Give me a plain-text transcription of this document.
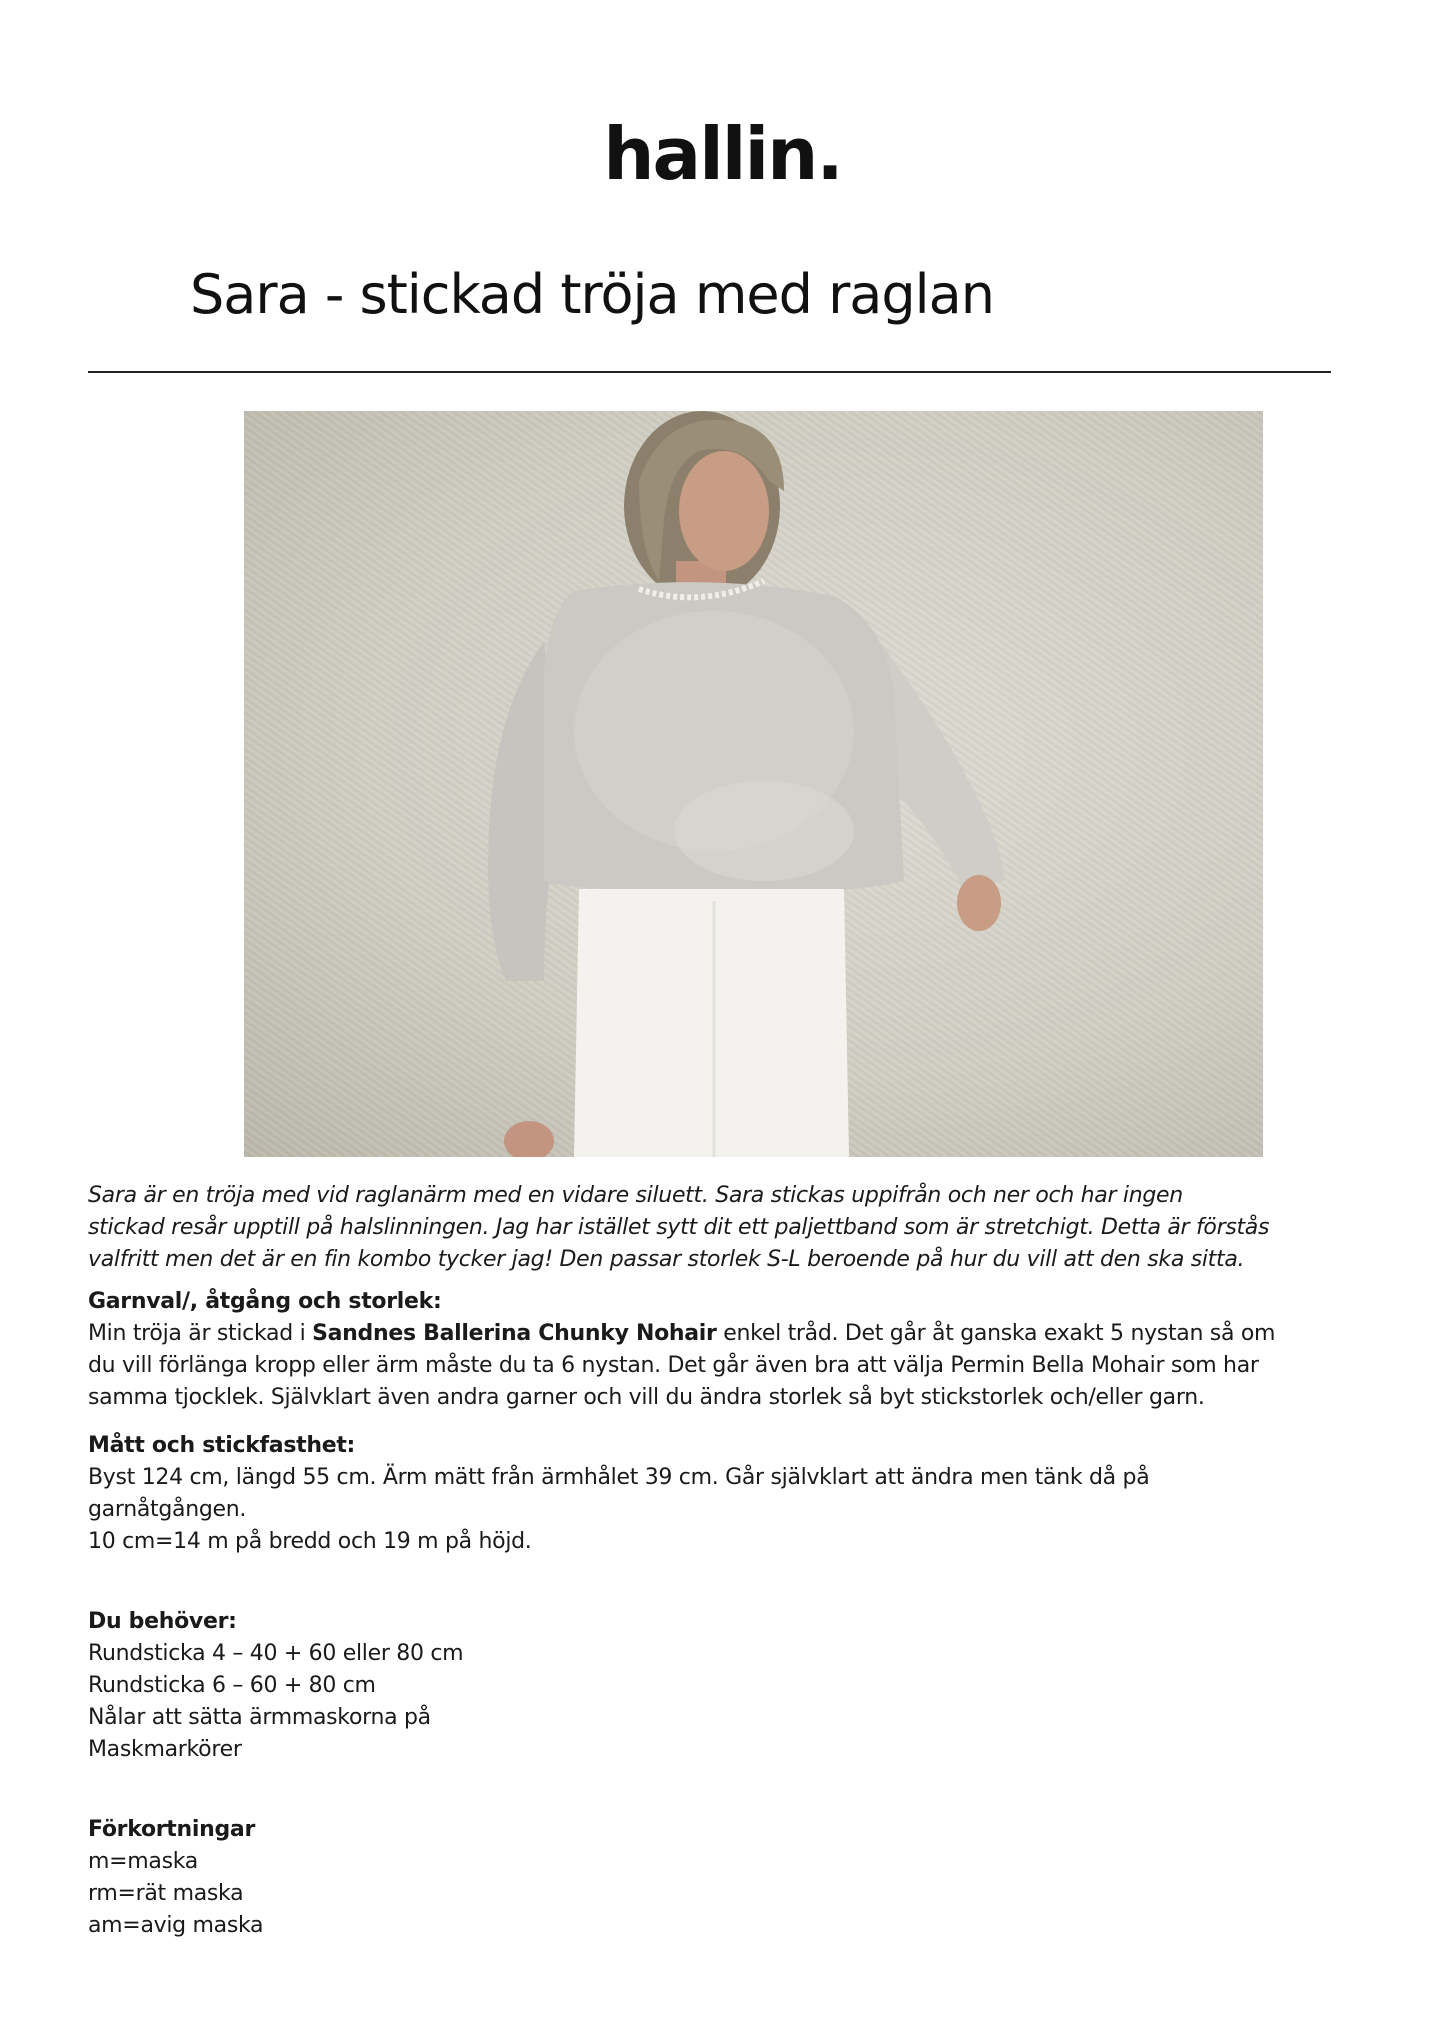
hallin.
Sara - stickad tröja med raglan

Sara är en tröja med vid raglanärm med en vidare siluett. Sara stickas uppifrån och ner och har ingen
stickad resår upptill på halslinningen. Jag har istället sytt dit ett paljettband som är stretchigt. Detta är förstås
valfritt men det är en fin kombo tycker jag! Den passar storlek S-L beroende på hur du vill att den ska sitta.

Garnval/, åtgång och storlek:
Min tröja är stickad i Sandnes Ballerina Chunky Nohair enkel tråd. Det går åt ganska exakt 5 nystan så om
du vill förlänga kropp eller ärm måste du ta 6 nystan. Det går även bra att välja Permin Bella Mohair som har
samma tjocklek. Självklart även andra garner och vill du ändra storlek så byt stickstorlek och/eller garn.
Mått och stickfasthet:
Byst 124 cm, längd 55 cm. Ärm mätt från ärmhålet 39 cm. Går självklart att ändra men tänk då på
garnåtgången.
10 cm=14 m på bredd och 19 m på höjd.
Du behöver:
Rundsticka 4 – 40 + 60 eller 80 cm
Rundsticka 6 – 60 + 80 cm
Nålar att sätta ärmmaskorna på
Maskmarkörer
Förkortningar
m=maska
rm=rät maska
am=avig maska
